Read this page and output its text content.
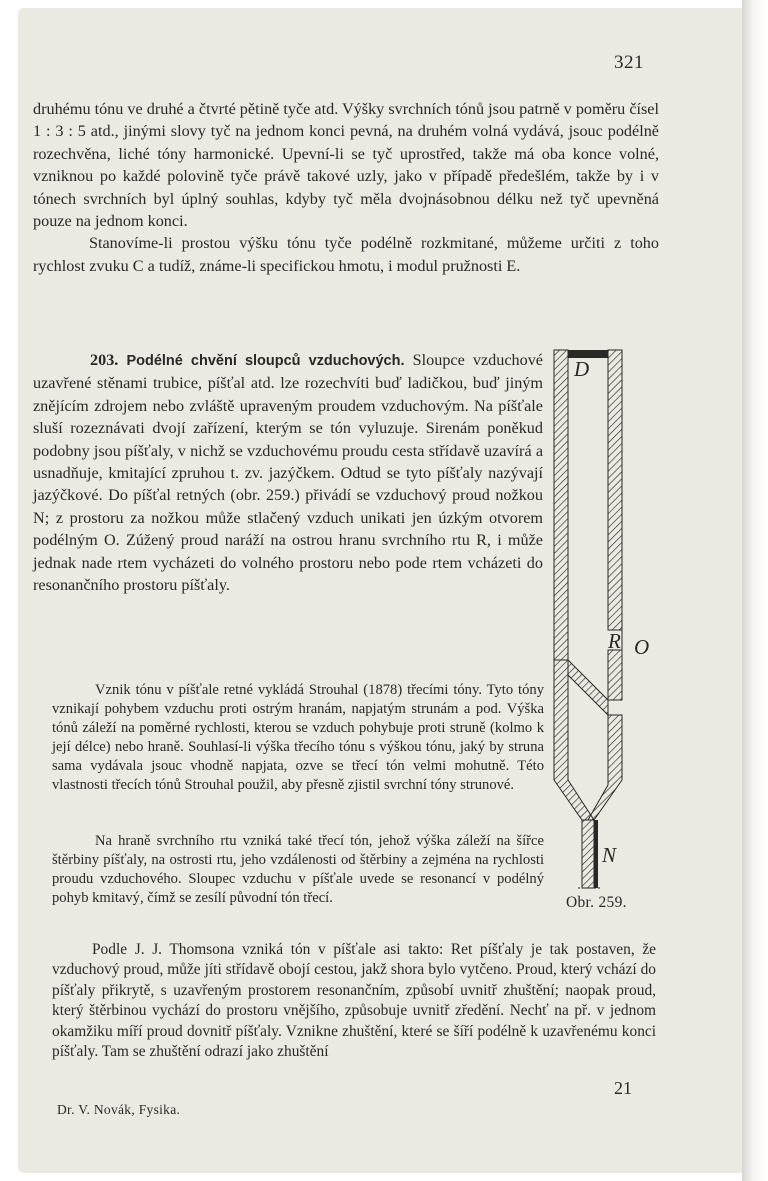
321

druhému tónu ve druhé a čtvrté pětině tyče atd. Výšky svrchních tónů jsou patrně v poměru čísel 1 : 3 : 5 atd., jinými slovy tyč na jednom konci pevná, na druhém volná vydává, jsouc podélně rozechvěna, liché tóny harmonické. Upevní-li se tyč uprostřed, takže má oba konce volné, vzniknou po každé polovině tyče právě takové uzly, jako v případě předešlém, takže by i v tónech svrchních byl úplný souhlas, kdyby tyč měla dvojnásobnou délku než tyč upevněná pouze na jednom konci.

Stanovíme-li prostou výšku tónu tyče podélně rozkmitané, můžeme určiti z toho rychlost zvuku C a tudíž, známe-li specifickou hmotu, i modul pružnosti E.

203. Podélné chvění sloupců vzduchových. Sloupce vzduchové uzavřené stěnami trubice, píšťal atd. lze rozechvíti buď ladičkou, buď jiným znějícím zdrojem nebo zvláště upraveným proudem vzduchovým. Na píšťale sluší rozeznávati dvojí zařízení, kterým se tón vyluzuje. Sirenám poněkud podobny jsou píšťaly, v nichž se vzduchovému proudu cesta střídavě uzavírá a usnadňuje, kmitající zpruhou t. zv. jazýčkem. Odtud se tyto píšťaly nazývají jazýčkové. Do píšťal retných (obr. 259.) přivádí se vzduchový proud nožkou N; z prostoru za nožkou může stlačený vzduch unikati jen úzkým otvorem podélným O. Zúžený proud naráží na ostrou hranu svrchního rtu R, i může jednak nade rtem vycházeti do volného prostoru nebo pode rtem vcházeti do resonančního prostoru píšťaly.

Vznik tónu v píšťale retné vykládá Strouhal (1878) třecími tóny. Tyto tóny vznikají pohybem vzduchu proti ostrým hranám, napjatým strunám a pod. Výška tónů záleží na poměrné rychlosti, kterou se vzduch pohybuje proti struně (kolmo k její délce) nebo hraně. Souhlasí-li výška třecího tónu s výškou tónu, jaký by struna sama vydávala jsouc vhodně napjata, ozve se třecí tón velmi mohutně. Této vlastnosti třecích tónů Strouhal použil, aby přesně zjistil svrchní tóny strunové.

Na hraně svrchního rtu vzniká také třecí tón, jehož výška záleží na šířce štěrbiny píšťaly, na ostrosti rtu, jeho vzdálenosti od štěrbiny a zejména na rychlosti proudu vzduchového. Sloupec vzduchu v píšťale uvede se resonancí v podélný pohyb kmitavý, čímž se zesílí původní tón třecí.

Podle J. J. Thomsona vzniká tón v píšťale asi takto: Ret píšťaly je tak postaven, že vzduchový proud, může jíti střídavě obojí cestou, jakž shora bylo vytčeno. Proud, který vchází do píšťaly přikrytě, s uzavřeným prostorem resonančním, způsobí uvnitř zhuštění; naopak proud, který štěrbinou vychází do prostoru vnějšího, způsobuje uvnitř zředění. Nechť na př. v jednom okamžiku míří proud dovnitř píšťaly. Vznikne zhuštění, které se šíří podélně k uzavřenému konci píšťaly. Tam se zhuštění odrazí jako zhuštění

D
R O
N
Obr. 259.
Dr. V. Novák, Fysika.
21
